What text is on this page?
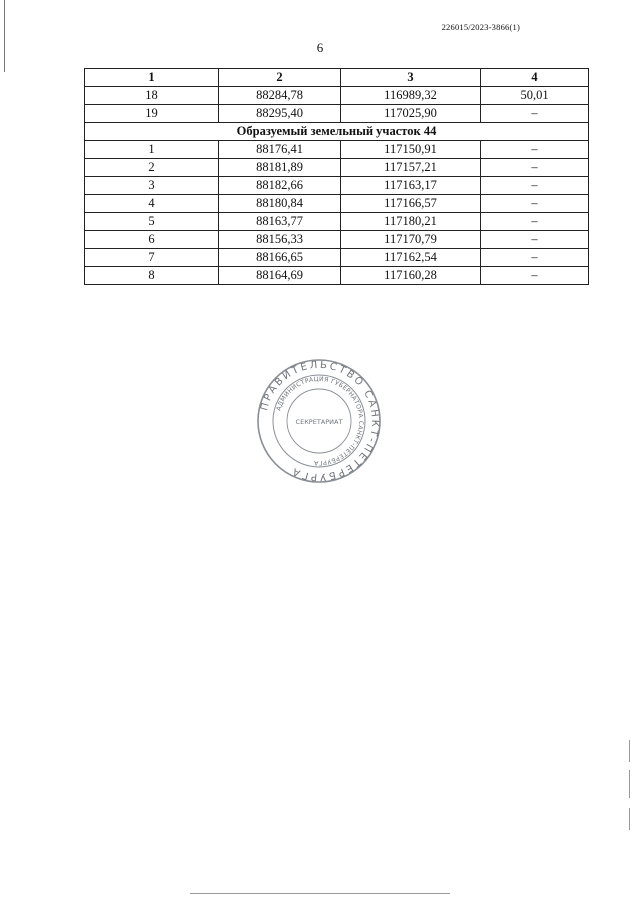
226015/2023-3866(1)
6
1	2	3	4
18	88284,78	116989,32	50,01
19	88295,40	117025,90	–
Образуемый земельный участок 44			
1	88176,41	117150,91	–
2	88181,89	117157,21	–
3	88182,66	117163,17	–
4	88180,84	117166,57	–
5	88163,77	117180,21	–
6	88156,33	117170,79	–
7	88166,65	117162,54	–
8	88164,69	117160,28	–
ПРАВИТЕЛЬСТВО САНКТ-ПЕТЕРБУРГА
АДМИНИСТРАЦИЯ ГУБЕРНАТОРА САНКТ-ПЕТЕРБУРГА
СЕКРЕТАРИАТ
